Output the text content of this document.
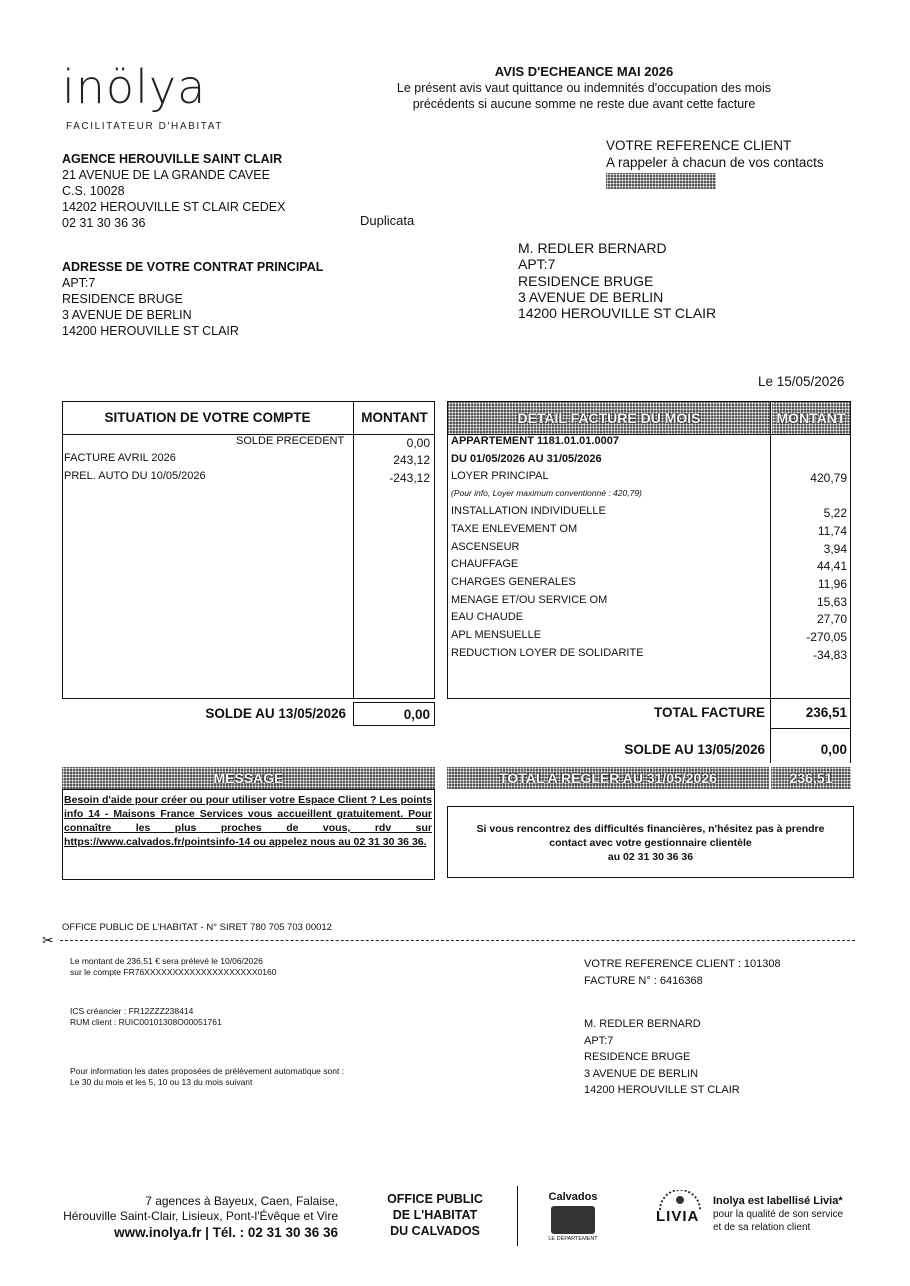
inölya
FACILITATEUR D'HABITAT
AVIS D'ECHEANCE MAI 2026
Le présent avis vaut quittance ou indemnités d'occupation des mois
précédents si aucune somme ne reste due avant cette facture
VOTRE REFERENCE CLIENT
A rappeler à chacun de vos contacts
AGENCE HEROUVILLE SAINT CLAIR
21 AVENUE DE LA GRANDE CAVEE
C.S. 10028
14202 HEROUVILLE ST CLAIR CEDEX
02 31 30 36 36	Duplicata
ADRESSE DE VOTRE CONTRAT PRINCIPAL
APT:7
RESIDENCE BRUGE
3 AVENUE DE BERLIN
14200 HEROUVILLE ST CLAIR
M. REDLER BERNARD
APT:7
RESIDENCE BRUGE
3 AVENUE DE BERLIN
14200 HEROUVILLE ST CLAIR
Le 15/05/2026
SITUATION DE VOTRE COMPTE	MONTANT
SOLDE PRECEDENT	0,00
FACTURE AVRIL 2026	243,12
PREL. AUTO DU 10/05/2026	-243,12
SOLDE AU 13/05/2026	0,00
DETAIL FACTURE DU MOIS	MONTANT
APPARTEMENT 1181.01.01.0007
DU 01/05/2026 AU 31/05/2026
LOYER PRINCIPAL	420,79
(Pour info, Loyer maximum conventionné : 420,79)
INSTALLATION INDIVIDUELLE	5,22
TAXE ENLEVEMENT OM	11,74
ASCENSEUR	3,94
CHAUFFAGE	44,41
CHARGES GENERALES	11,96
MENAGE ET/OU SERVICE OM	15,63
EAU CHAUDE	27,70
APL MENSUELLE	-270,05
REDUCTION LOYER DE SOLIDARITE	-34,83
TOTAL FACTURE	236,51
SOLDE AU 13/05/2026	0,00
MESSAGE
Besoin d'aide pour créer ou pour utiliser votre Espace Client ? Les points info 14 - Maisons France Services vous accueillent gratuitement. Pour connaître les plus proches de vous, rdv sur https://www.calvados.fr/pointsinfo-14 ou appelez nous au 02 31 30 36 36.
TOTAL A REGLER AU 31/05/2026	236,51
Si vous rencontrez des difficultés financières, n'hésitez pas à prendre
contact avec votre gestionnaire clientèle
au 02 31 30 36 36
OFFICE PUBLIC DE L'HABITAT - N° SIRET 780 705 703 00012
✂
Le montant de 236,51 € sera prélevé le 10/06/2026
sur le compte FR76XXXXXXXXXXXXXXXXXXXX0160
ICS créancier : FR12ZZZ238414
RUM client : RUIC00101308O00051761
Pour information les dates proposées de prélèvement automatique sont :
Le 30 du mois et les 5, 10 ou 13 du mois suivant
VOTRE REFERENCE CLIENT : 101308
FACTURE N° : 6416368
M. REDLER BERNARD
APT:7
RESIDENCE BRUGE
3 AVENUE DE BERLIN
14200 HEROUVILLE ST CLAIR
7 agences à Bayeux, Caen, Falaise,
Hérouville Saint-Clair, Lisieux, Pont-l'Évêque et Vire
www.inolya.fr | Tél. : 02 31 30 36 36
OFFICE PUBLIC
DE L'HABITAT
DU CALVADOS
Calvados
LE DÉPARTEMENT
LIVIA
Inolya est labellisé Livia*
pour la qualité de son service
et de sa relation client
